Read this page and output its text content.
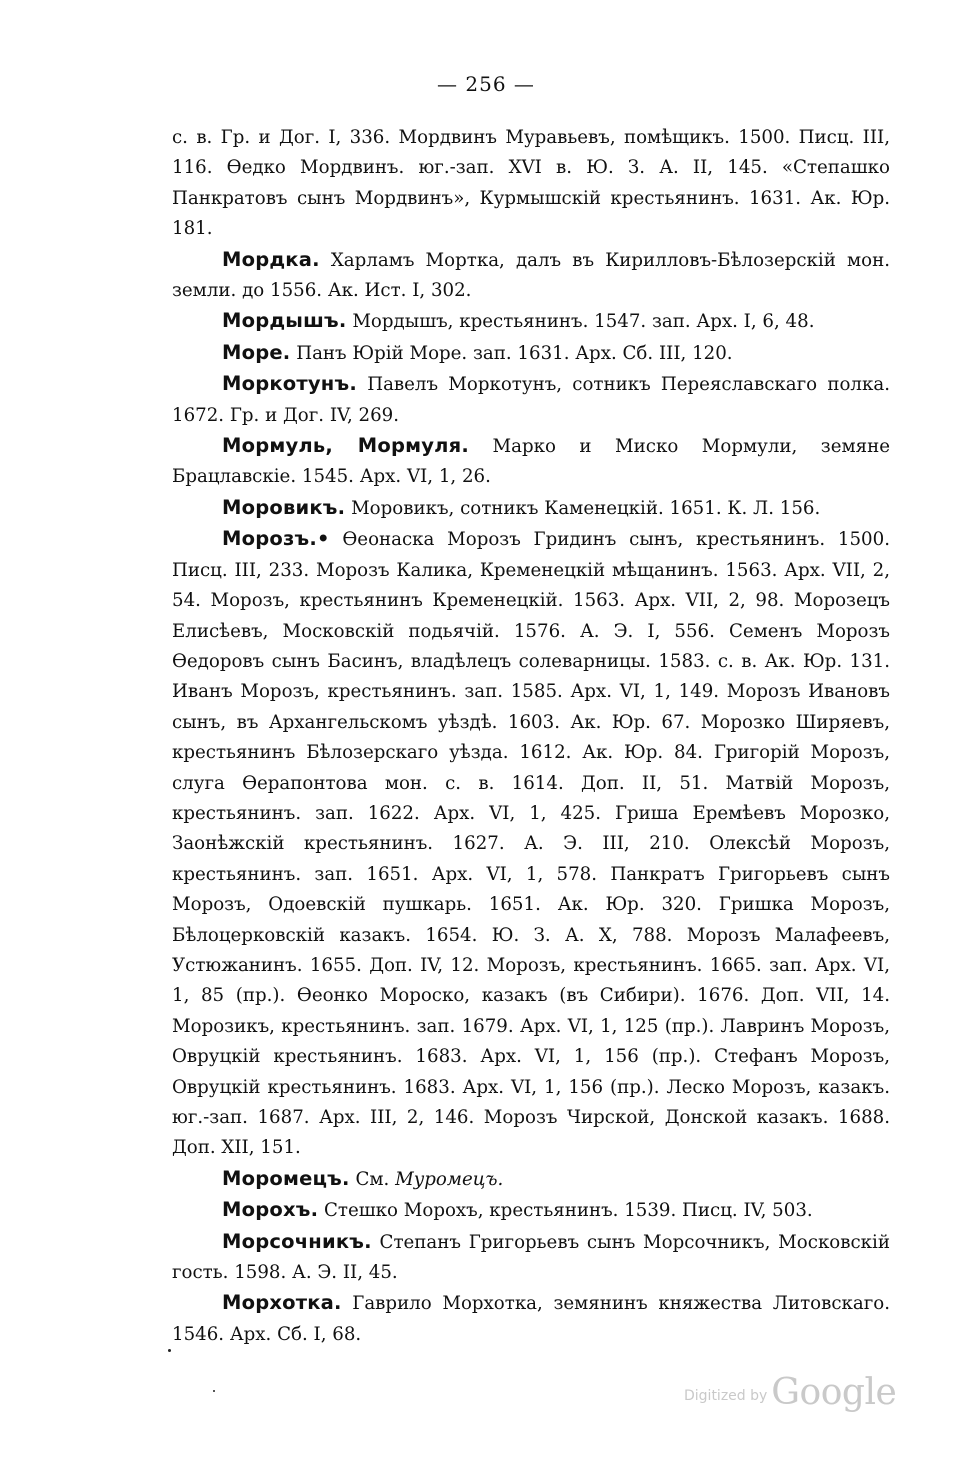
— 256 —

с. в. Гр. и Дог. I, 336. Мордвинъ Муравьевъ, помѣщикъ. 1500. Писц. III, 116. Ѳедко Мордвинъ. юг.-зап. XVI в. Ю. З. А. II, 145. «Степашко Панкратовъ сынъ Мордвинъ», Курмышскій крестьянинъ. 1631. Ак. Юр. 181.

Мордка. Харламъ Мортка, далъ въ Кирилловъ-Бѣлозерскій мон. земли. до 1556. Ак. Ист. I, 302.

Мордышъ. Мордышъ, крестьянинъ. 1547. зап. Арх. I, 6, 48.

Море. Панъ Юрій Море. зап. 1631. Арх. Сб. III, 120.

Моркотунъ. Павелъ Моркотунъ, сотникъ Переяславскаго полка. 1672. Гр. и Дог. IV, 269.

Мормуль, Мормуля. Марко и Миско Мормули, земяне Брацлавскіе. 1545. Арх. VI, 1, 26.

Моровикъ. Моровикъ, сотникъ Каменецкій. 1651. К. Л. 156.

Морозъ.• Ѳеонаска Морозъ Гридинъ сынъ, крестьянинъ. 1500. Писц. III, 233. Морозъ Калика, Кременецкій мѣщанинъ. 1563. Арх. VII, 2, 54. Морозъ, крестьянинъ Кременецкій. 1563. Арх. VII, 2, 98. Морозецъ Елисѣевъ, Московскій подьячій. 1576. А. Э. I, 556. Семенъ Морозъ Ѳедоровъ сынъ Басинъ, владѣлецъ солеварницы. 1583. с. в. Ак. Юр. 131. Иванъ Морозъ, крестьянинъ. зап. 1585. Арх. VI, 1, 149. Морозъ Ивановъ сынъ, въ Архангельскомъ уѣздѣ. 1603. Ак. Юр. 67. Морозко Ширяевъ, крестьянинъ Бѣлозерскаго уѣзда. 1612. Ак. Юр. 84. Григорій Морозъ, слуга Ѳерапонтова мон. с. в. 1614. Доп. II, 51. Матвій Морозъ, крестьянинъ. зап. 1622. Арх. VI, 1, 425. Гриша Еремѣевъ Морозко, Заонѣжскій крестьянинъ. 1627. А. Э. III, 210. Олексѣй Морозъ, крестьянинъ. зап. 1651. Арх. VI, 1, 578. Панкратъ Григорьевъ сынъ Морозъ, Одоевскій пушкарь. 1651. Ак. Юр. 320. Гришка Морозъ, Бѣлоцерковскій казакъ. 1654. Ю. З. А. X, 788. Морозъ Малафеевъ, Устюжанинъ. 1655. Доп. IV, 12. Морозъ, крестьянинъ. 1665. зап. Арх. VI, 1, 85 (пр.). Ѳеонко Мороско, казакъ (въ Сибири). 1676. Доп. VII, 14. Морозикъ, крестьянинъ. зап. 1679. Арх. VI, 1, 125 (пр.). Лавринъ Морозъ, Овруцкій крестьянинъ. 1683. Арх. VI, 1, 156 (пр.). Стефанъ Морозъ, Овруцкій крестьянинъ. 1683. Арх. VI, 1, 156 (пр.). Леско Морозъ, казакъ. юг.-зап. 1687. Арх. III, 2, 146. Морозъ Чирской, Донской казакъ. 1688. Доп. XII, 151.

Моромецъ. См. Муромецъ.

Морохъ. Стешко Морохъ, крестьянинъ. 1539. Писц. IV, 503.

Морсочникъ. Степанъ Григорьевъ сынъ Морсочникъ, Московскій гость. 1598. А. Э. II, 45.

Морхотка. Гаврило Морхотка, земянинъ княжества Литовскаго. 1546. Арх. Сб. I, 68.

Digitized by Google
